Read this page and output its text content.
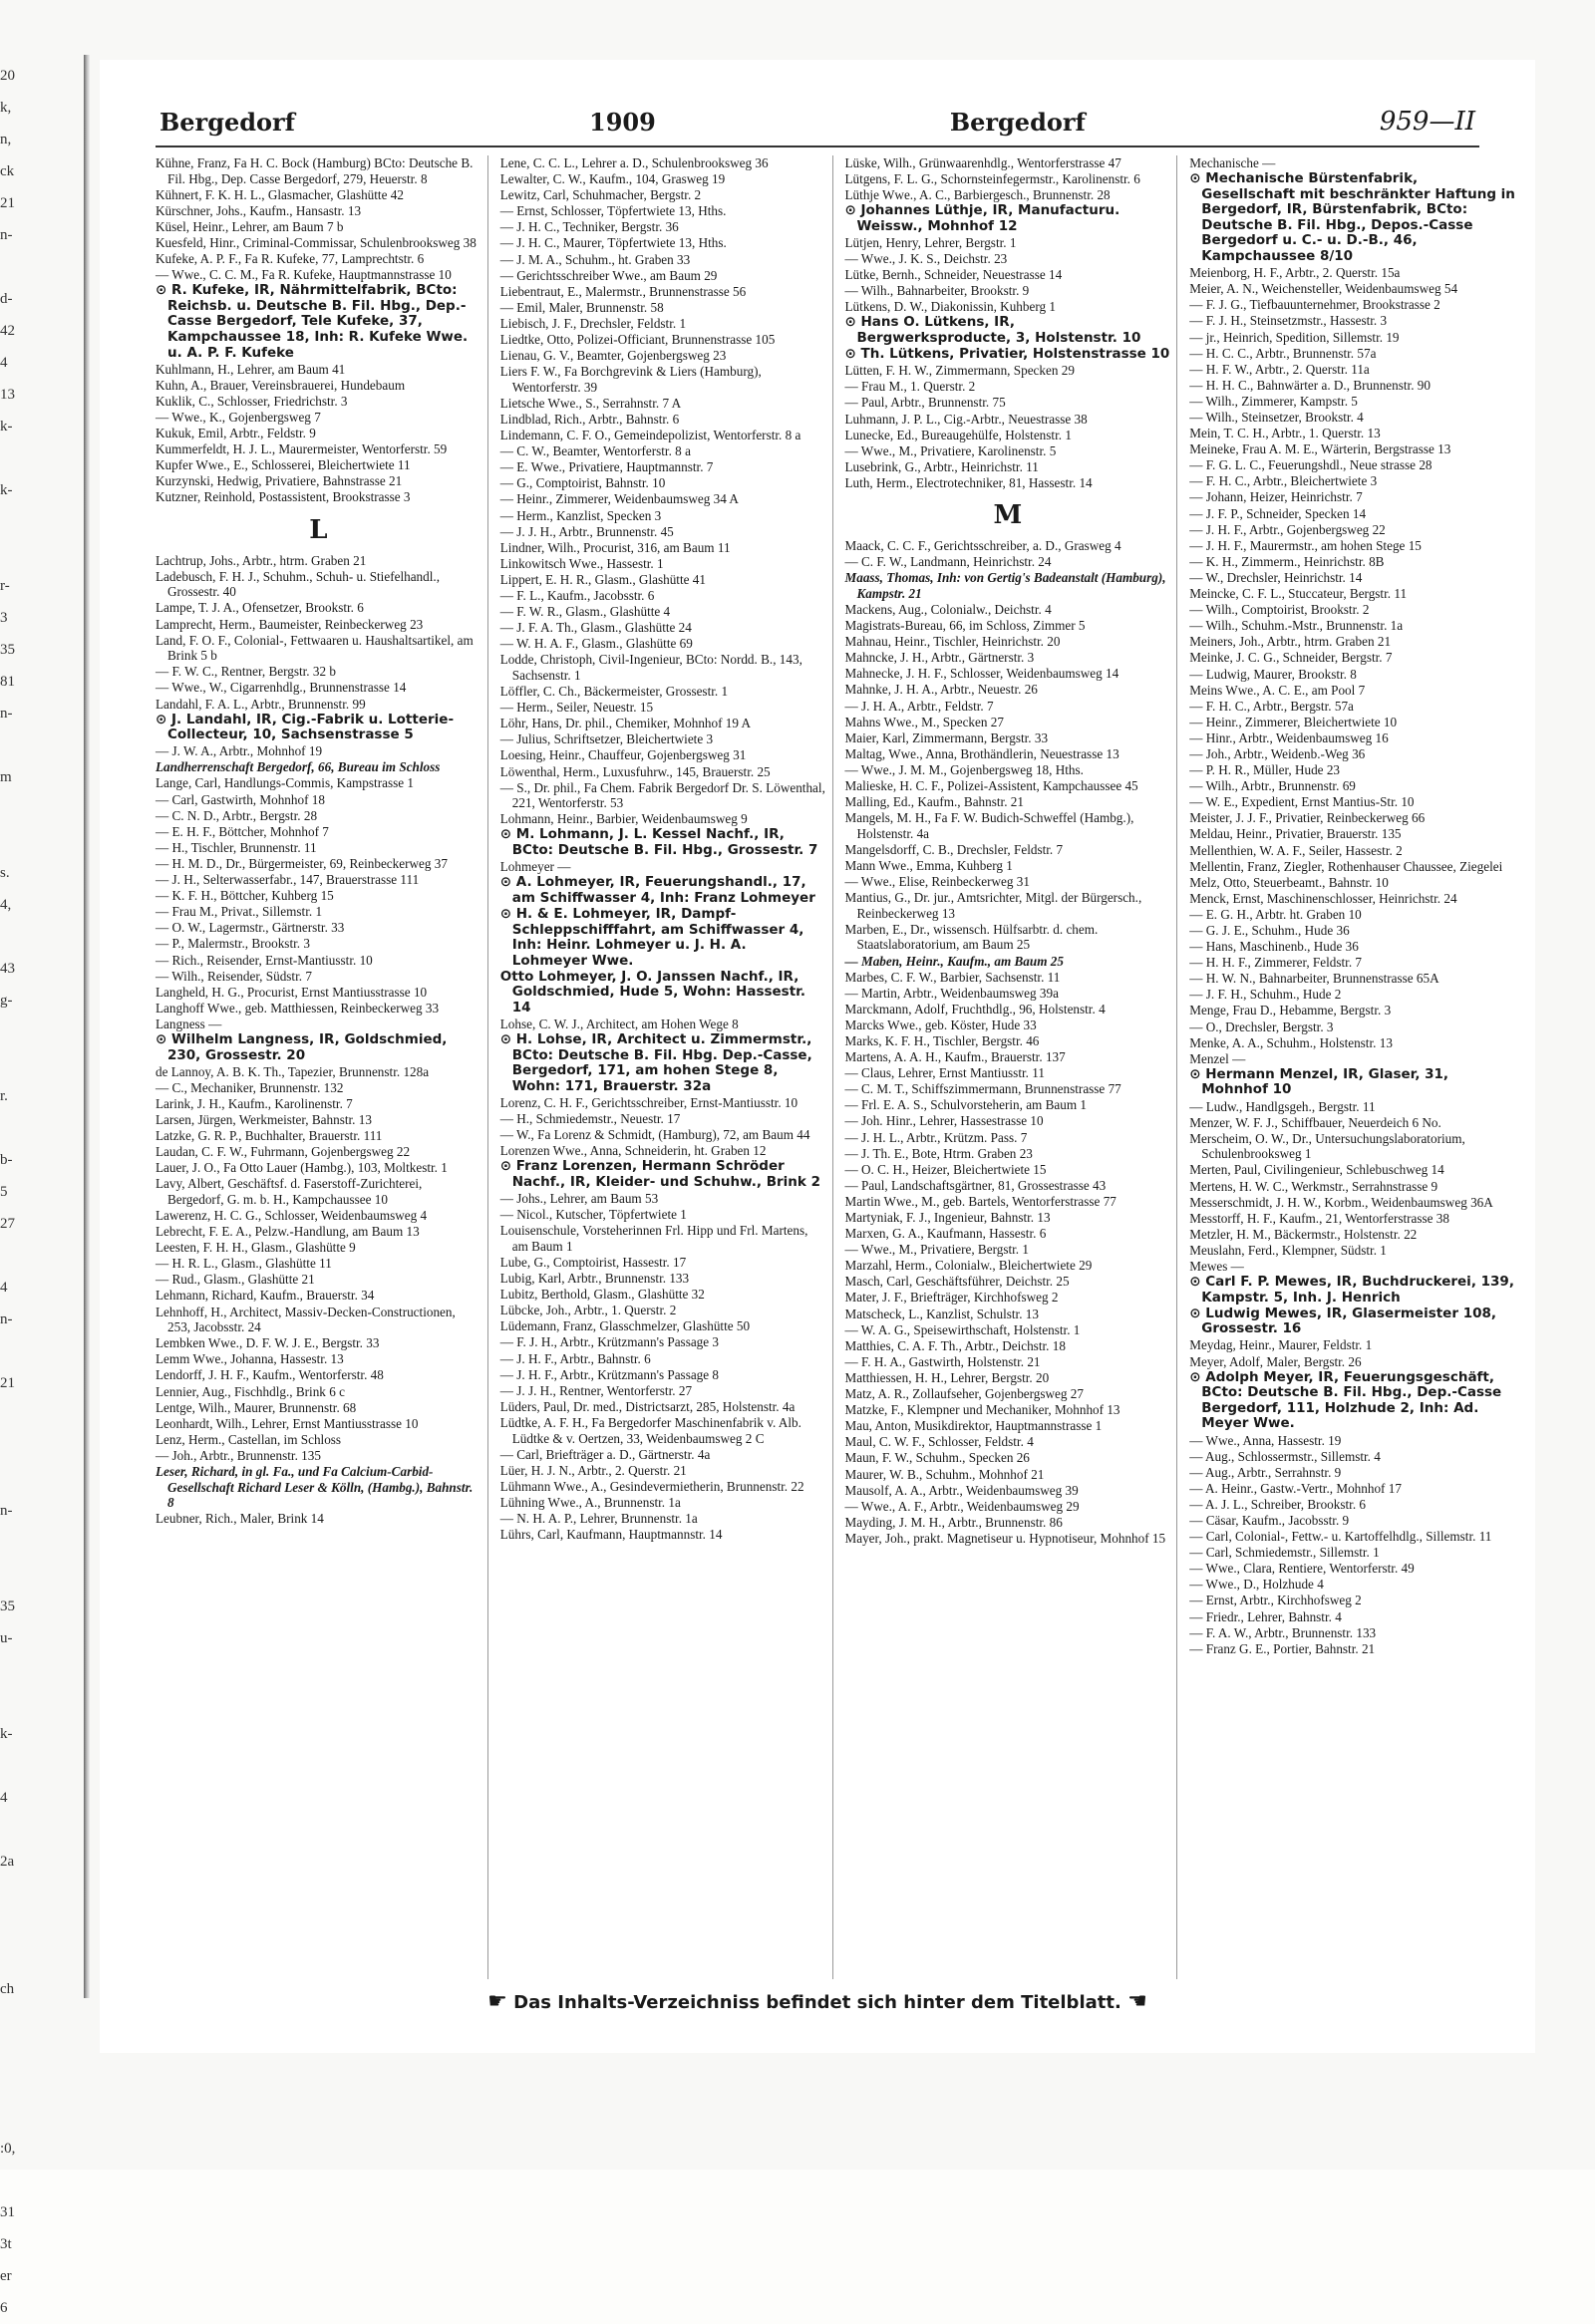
20
k,
n,
ck
21
n-

d-
42
4
13
k-

k-

r-
3
35
81
n-

m

s.
4,

43
g-

r.

b-
5
27

4
n-

21

n-

35
u-

k-

4

2a

ch

:0,

31
3t
er
6
Bergedorf	1909	Bergedorf	959—II
Kühne, Franz, Fa H. C. Bock (Hamburg) BCto: Deutsche B. Fil. Hbg., Dep. Casse Bergedorf, 279, Heuerstr. 8
Kühnert, F. K. H. L., Glasmacher, Glashütte 42
Kürschner, Johs., Kaufm., Hansastr. 13
Küsel, Heinr., Lehrer, am Baum 7 b
Kuesfeld, Hinr., Criminal-Commissar, Schulenbrooksweg 38
Kufeke, A. P. F., Fa R. Kufeke, 77, Lamprechtstr. 6
— Wwe., C. C. M., Fa R. Kufeke, Hauptmannstrasse 10
⊙ R. Kufeke, IR, Nährmittelfabrik, BCto: Reichsb. u. Deutsche B. Fil. Hbg., Dep.-Casse Bergedorf, Tele Kufeke, 37, Kampchaussee 18, Inh: R. Kufeke Wwe. u. A. P. F. Kufeke
Kuhlmann, H., Lehrer, am Baum 41
Kuhn, A., Brauer, Vereinsbrauerei, Hundebaum
Kuklik, C., Schlosser, Friedrichstr. 3
— Wwe., K., Gojenbergsweg 7
Kukuk, Emil, Arbtr., Feldstr. 9
Kummerfeldt, H. J. L., Maurermeister, Wentorferstr. 59
Kupfer Wwe., E., Schlosserei, Bleichertwiete 11
Kurzynski, Hedwig, Privatiere, Bahnstrasse 21
Kutzner, Reinhold, Postassistent, Brookstrasse 3
L
Lachtrup, Johs., Arbtr., htrm. Graben 21
Ladebusch, F. H. J., Schuhm., Schuh- u. Stiefelhandl., Grossestr. 40
Lampe, T. J. A., Ofensetzer, Brookstr. 6
Lamprecht, Herm., Baumeister, Reinbeckerweg 23
Land, F. O. F., Colonial-, Fettwaaren u. Haushaltsartikel, am Brink 5 b
— F. W. C., Rentner, Bergstr. 32 b
— Wwe., W., Cigarrenhdlg., Brunnenstrasse 14
Landahl, F. A. L., Arbtr., Brunnenstr. 99
⊙ J. Landahl, IR, Cig.-Fabrik u. Lotterie-Collecteur, 10, Sachsenstrasse 5
— J. W. A., Arbtr., Mohnhof 19
Landherrenschaft Bergedorf, 66, Bureau im Schloss
Lange, Carl, Handlungs-Commis, Kampstrasse 1
— Carl, Gastwirth, Mohnhof 18
— C. N. D., Arbtr., Bergstr. 28
— E. H. F., Böttcher, Mohnhof 7
— H., Tischler, Brunnenstr. 11
— H. M. D., Dr., Bürgermeister, 69, Reinbeckerweg 37
— J. H., Selterwasserfabr., 147, Brauerstrasse 111
— K. F. H., Böttcher, Kuhberg 15
— Frau M., Privat., Sillemstr. 1
— O. W., Lagermstr., Gärtnerstr. 33
— P., Malermstr., Brookstr. 3
— Rich., Reisender, Ernst-Mantiusstr. 10
— Wilh., Reisender, Südstr. 7
Langheld, H. G., Procurist, Ernst Mantiusstrasse 10
Langhoff Wwe., geb. Matthiessen, Reinbeckerweg 33
Langness —
⊙ Wilhelm Langness, IR, Goldschmied, 230, Grossestr. 20
de Lannoy, A. B. K. Th., Tapezier, Brunnenstr. 128a
— C., Mechaniker, Brunnenstr. 132
Larink, J. H., Kaufm., Karolinenstr. 7
Larsen, Jürgen, Werkmeister, Bahnstr. 13
Latzke, G. R. P., Buchhalter, Brauerstr. 111
Laudan, C. F. W., Fuhrmann, Gojenbergsweg 22
Lauer, J. O., Fa Otto Lauer (Hambg.), 103, Moltkestr. 1
Lavy, Albert, Geschäftsf. d. Faserstoff-Zurichterei, Bergedorf, G. m. b. H., Kampchaussee 10
Lawerenz, H. C. G., Schlosser, Weidenbaumsweg 4
Lebrecht, F. E. A., Pelzw.-Handlung, am Baum 13
Leesten, F. H. H., Glasm., Glashütte 9
— H. R. L., Glasm., Glashütte 11
— Rud., Glasm., Glashütte 21
Lehmann, Richard, Kaufm., Brauerstr. 34
Lehnhoff, H., Architect, Massiv-Decken-Constructionen, 253, Jacobsstr. 24
Lembken Wwe., D. F. W. J. E., Bergstr. 33
Lemm Wwe., Johanna, Hassestr. 13
Lendorff, J. H. F., Kaufm., Wentorferstr. 48
Lennier, Aug., Fischhdlg., Brink 6 c
Lentge, Wilh., Maurer, Brunnenstr. 68
Leonhardt, Wilh., Lehrer, Ernst Mantiusstrasse 10
Lenz, Herm., Castellan, im Schloss
— Joh., Arbtr., Brunnenstr. 135
Leser, Richard, in gl. Fa., und Fa Calcium-Carbid-Gesellschaft Richard Leser & Kölln, (Hambg.), Bahnstr. 8
Leubner, Rich., Maler, Brink 14
Lene, C. C. L., Lehrer a. D., Schulenbrooksweg 36
Lewalter, C. W., Kaufm., 104, Grasweg 19
Lewitz, Carl, Schuhmacher, Bergstr. 2
— Ernst, Schlosser, Töpfertwiete 13, Hths.
— J. H. C., Techniker, Bergstr. 36
— J. H. C., Maurer, Töpfertwiete 13, Hths.
— J. M. A., Schuhm., ht. Graben 33
— Gerichtsschreiber Wwe., am Baum 29
Liebentraut, E., Malermstr., Brunnenstrasse 56
— Emil, Maler, Brunnenstr. 58
Liebisch, J. F., Drechsler, Feldstr. 1
Liedtke, Otto, Polizei-Officiant, Brunnenstrasse 105
Lienau, G. V., Beamter, Gojenbergsweg 23
Liers F. W., Fa Borchgrevink & Liers (Hamburg), Wentorferstr. 39
Lietsche Wwe., S., Serrahnstr. 7 A
Lindblad, Rich., Arbtr., Bahnstr. 6
Lindemann, C. F. O., Gemeindepolizist, Wentorferstr. 8 a
— C. W., Beamter, Wentorferstr. 8 a
— E. Wwe., Privatiere, Hauptmannstr. 7
— G., Comptoirist, Bahnstr. 10
— Heinr., Zimmerer, Weidenbaumsweg 34 A
— Herm., Kanzlist, Specken 3
— J. J. H., Arbtr., Brunnenstr. 45
Lindner, Wilh., Procurist, 316, am Baum 11
Linkowitsch Wwe., Hassestr. 1
Lippert, E. H. R., Glasm., Glashütte 41
— F. L., Kaufm., Jacobsstr. 6
— F. W. R., Glasm., Glashütte 4
— J. F. A. Th., Glasm., Glashütte 24
— W. H. A. F., Glasm., Glashütte 69
Lodde, Christoph, Civil-Ingenieur, BCto: Nordd. B., 143, Sachsenstr. 1
Löffler, C. Ch., Bäckermeister, Grossestr. 1
— Herm., Seiler, Neuestr. 15
Löhr, Hans, Dr. phil., Chemiker, Mohnhof 19 A
— Julius, Schriftsetzer, Bleichertwiete 3
Loesing, Heinr., Chauffeur, Gojenbergsweg 31
Löwenthal, Herm., Luxusfuhrw., 145, Brauerstr. 25
— S., Dr. phil., Fa Chem. Fabrik Bergedorf Dr. S. Löwenthal, 221, Wentorferstr. 53
Lohmann, Heinr., Barbier, Weidenbaumsweg 9
⊙ M. Lohmann, J. L. Kessel Nachf., IR, BCto: Deutsche B. Fil. Hbg., Grossestr. 7
Lohmeyer —
⊙ A. Lohmeyer, IR, Feuerungshandl., 17, am Schiffwasser 4, Inh: Franz Lohmeyer
⊙ H. & E. Lohmeyer, IR, Dampf-Schleppschifffahrt, am Schiffwasser 4, Inh: Heinr. Lohmeyer u. J. H. A. Lohmeyer Wwe.
Otto Lohmeyer, J. O. Janssen Nachf., IR, Goldschmied, Hude 5, Wohn: Hassestr. 14
Lohse, C. W. J., Architect, am Hohen Wege 8
⊙ H. Lohse, IR, Architect u. Zimmermstr., BCto: Deutsche B. Fil. Hbg. Dep.-Casse, Bergedorf, 171, am hohen Stege 8, Wohn: 171, Brauerstr. 32a
Lorenz, C. H. F., Gerichtsschreiber, Ernst-Mantiusstr. 10
— H., Schmiedemstr., Neuestr. 17
— W., Fa Lorenz & Schmidt, (Hamburg), 72, am Baum 44
Lorenzen Wwe., Anna, Schneiderin, ht. Graben 12
⊙ Franz Lorenzen, Hermann Schröder Nachf., IR, Kleider- und Schuhw., Brink 2
— Johs., Lehrer, am Baum 53
— Nicol., Kutscher, Töpfertwiete 1
Louisenschule, Vorsteherinnen Frl. Hipp und Frl. Martens, am Baum 1
Lube, G., Comptoirist, Hassestr. 17
Lubig, Karl, Arbtr., Brunnenstr. 133
Lubitz, Berthold, Glasm., Glashütte 32
Lübcke, Joh., Arbtr., 1. Querstr. 2
Lüdemann, Franz, Glasschmelzer, Glashütte 50
— F. J. H., Arbtr., Krützmann's Passage 3
— J. H. F., Arbtr., Bahnstr. 6
— J. H. F., Arbtr., Krützmann's Passage 8
— J. J. H., Rentner, Wentorferstr. 27
Lüders, Paul, Dr. med., Districtsarzt, 285, Holstenstr. 4a
Lüdtke, A. F. H., Fa Bergedorfer Maschinenfabrik v. Alb. Lüdtke & v. Oertzen, 33, Weidenbaumsweg 2 C
— Carl, Briefträger a. D., Gärtnerstr. 4a
Lüer, H. J. N., Arbtr., 2. Querstr. 21
Lühmann Wwe., A., Gesindevermietherin, Brunnenstr. 22
Lühning Wwe., A., Brunnenstr. 1a
— N. H. A. P., Lehrer, Brunnenstr. 1a
Lührs, Carl, Kaufmann, Hauptmannstr. 14
Lüske, Wilh., Grünwaarenhdlg., Wentorferstrasse 47
Lütgens, F. L. G., Schornsteinfegermstr., Karolinenstr. 6
Lüthje Wwe., A. C., Barbiergesch., Brunnenstr. 28
⊙ Johannes Lüthje, IR, Manufacturu. Weissw., Mohnhof 12
Lütjen, Henry, Lehrer, Bergstr. 1
— Wwe., J. K. S., Deichstr. 23
Lütke, Bernh., Schneider, Neuestrasse 14
— Wilh., Bahnarbeiter, Brookstr. 9
Lütkens, D. W., Diakonissin, Kuhberg 1
⊙ Hans O. Lütkens, IR, Bergwerksproducte, 3, Holstenstr. 10
⊙ Th. Lütkens, Privatier, Holstenstrasse 10
Lütten, F. H. W., Zimmermann, Specken 29
— Frau M., 1. Querstr. 2
— Paul, Arbtr., Brunnenstr. 75
Luhmann, J. P. L., Cig.-Arbtr., Neuestrasse 38
Lunecke, Ed., Bureaugehülfe, Holstenstr. 1
— Wwe., M., Privatiere, Karolinenstr. 5
Lusebrink, G., Arbtr., Heinrichstr. 11
Luth, Herm., Electrotechniker, 81, Hassestr. 14
M
Maack, C. C. F., Gerichtsschreiber, a. D., Grasweg 4
— C. F. W., Landmann, Heinrichstr. 24
Maass, Thomas, Inh: von Gertig's Badeanstalt (Hamburg), Kampstr. 21
Mackens, Aug., Colonialw., Deichstr. 4
Magistrats-Bureau, 66, im Schloss, Zimmer 5
Mahnau, Heinr., Tischler, Heinrichstr. 20
Mahncke, J. H., Arbtr., Gärtnerstr. 3
Mahnecke, J. H. F., Schlosser, Weidenbaumsweg 14
Mahnke, J. H. A., Arbtr., Neuestr. 26
— J. H. A., Arbtr., Feldstr. 7
Mahns Wwe., M., Specken 27
Maier, Karl, Zimmermann, Bergstr. 33
Maltag, Wwe., Anna, Brothändlerin, Neuestrasse 13
— Wwe., J. M. M., Gojenbergsweg 18, Hths.
Malieske, H. C. F., Polizei-Assistent, Kampchaussee 45
Malling, Ed., Kaufm., Bahnstr. 21
Mangels, M. H., Fa F. W. Budich-Schweffel (Hambg.), Holstenstr. 4a
Mangelsdorff, C. B., Drechsler, Feldstr. 7
Mann Wwe., Emma, Kuhberg 1
— Wwe., Elise, Reinbeckerweg 31
Mantius, G., Dr. jur., Amtsrichter, Mitgl. der Bürgersch., Reinbeckerweg 13
Marben, E., Dr., wissensch. Hülfsarbtr. d. chem. Staatslaboratorium, am Baum 25
— Maben, Heinr., Kaufm., am Baum 25
Marbes, C. F. W., Barbier, Sachsenstr. 11
— Martin, Arbtr., Weidenbaumsweg 39a
Marckmann, Adolf, Fruchthdlg., 96, Holstenstr. 4
Marcks Wwe., geb. Köster, Hude 33
Marks, K. F. H., Tischler, Bergstr. 46
Martens, A. A. H., Kaufm., Brauerstr. 137
— Claus, Lehrer, Ernst Mantiusstr. 11
— C. M. T., Schiffszimmermann, Brunnenstrasse 77
— Frl. E. A. S., Schulvorsteherin, am Baum 1
— Joh. Hinr., Lehrer, Hassestrasse 10
— J. H. L., Arbtr., Krützm. Pass. 7
— J. Th. E., Bote, Htrm. Graben 23
— O. C. H., Heizer, Bleichertwiete 15
— Paul, Landschaftsgärtner, 81, Grossestrasse 43
Martin Wwe., M., geb. Bartels, Wentorferstrasse 77
Martyniak, F. J., Ingenieur, Bahnstr. 13
Marxen, G. A., Kaufmann, Hassestr. 6
— Wwe., M., Privatiere, Bergstr. 1
Marzahl, Herm., Colonialw., Bleichertwiete 29
Masch, Carl, Geschäftsführer, Deichstr. 25
Mater, J. F., Briefträger, Kirchhofsweg 2
Matscheck, L., Kanzlist, Schulstr. 13
— W. A. G., Speisewirthschaft, Holstenstr. 1
Matthies, C. A. F. Th., Arbtr., Deichstr. 18
— F. H. A., Gastwirth, Holstenstr. 21
Matthiessen, H. H., Lehrer, Bergstr. 20
Matz, A. R., Zollaufseher, Gojenbergsweg 27
Matzke, F., Klempner und Mechaniker, Mohnhof 13
Mau, Anton, Musikdirektor, Hauptmannstrasse 1
Maul, C. W. F., Schlosser, Feldstr. 4
Maun, F. W., Schuhm., Specken 26
Maurer, W. B., Schuhm., Mohnhof 21
Mausolf, A. A., Arbtr., Weidenbaumsweg 39
— Wwe., A. F., Arbtr., Weidenbaumsweg 29
Mayding, J. M. H., Arbtr., Brunnenstr. 86
Mayer, Joh., prakt. Magnetiseur u. Hypnotiseur, Mohnhof 15
Mechanische —
⊙ Mechanische Bürstenfabrik, Gesellschaft mit beschränkter Haftung in Bergedorf, IR, Bürstenfabrik, BCto: Deutsche B. Fil. Hbg., Depos.-Casse Bergedorf u. C.- u. D.-B., 46, Kampchaussee 8/10
Meienborg, H. F., Arbtr., 2. Querstr. 15a
Meier, A. N., Weichensteller, Weidenbaumsweg 54
— F. J. G., Tiefbauunternehmer, Brookstrasse 2
— F. J. H., Steinsetzmstr., Hassestr. 3
— jr., Heinrich, Spedition, Sillemstr. 19
— H. C. C., Arbtr., Brunnenstr. 57a
— H. F. W., Arbtr., 2. Querstr. 11a
— H. H. C., Bahnwärter a. D., Brunnenstr. 90
— Wilh., Zimmerer, Kampstr. 5
— Wilh., Steinsetzer, Brookstr. 4
Mein, T. C. H., Arbtr., 1. Querstr. 13
Meineke, Frau A. M. E., Wärterin, Bergstrasse 13
— F. G. L. C., Feuerungshdl., Neue strasse 28
— F. H. C., Arbtr., Bleichertwiete 3
— Johann, Heizer, Heinrichstr. 7
— J. F. P., Schneider, Specken 14
— J. H. F., Arbtr., Gojenbergsweg 22
— J. H. F., Maurermstr., am hohen Stege 15
— K. H., Zimmerm., Heinrichstr. 8B
— W., Drechsler, Heinrichstr. 14
Meincke, C. F. L., Stuccateur, Bergstr. 11
— Wilh., Comptoirist, Brookstr. 2
— Wilh., Schuhm.-Mstr., Brunnenstr. 1a
Meiners, Joh., Arbtr., htrm. Graben 21
Meinke, J. C. G., Schneider, Bergstr. 7
— Ludwig, Maurer, Brookstr. 8
Meins Wwe., A. C. E., am Pool 7
— F. H. C., Arbtr., Bergstr. 57a
— Heinr., Zimmerer, Bleichertwiete 10
— Hinr., Arbtr., Weidenbaumsweg 16
— Joh., Arbtr., Weidenb.-Weg 36
— P. H. R., Müller, Hude 23
— Wilh., Arbtr., Brunnenstr. 69
— W. E., Expedient, Ernst Mantius-Str. 10
Meister, J. J. F., Privatier, Reinbeckerweg 66
Meldau, Heinr., Privatier, Brauerstr. 135
Mellenthien, W. A. F., Seiler, Hassestr. 2
Mellentin, Franz, Ziegler, Rothenhauser Chaussee, Ziegelei
Melz, Otto, Steuerbeamt., Bahnstr. 10
Menck, Ernst, Maschinenschlosser, Heinrichstr. 24
— E. G. H., Arbtr. ht. Graben 10
— G. J. E., Schuhm., Hude 36
— Hans, Maschinenb., Hude 36
— H. H. F., Zimmerer, Feldstr. 7
— H. W. N., Bahnarbeiter, Brunnenstrasse 65A
— J. F. H., Schuhm., Hude 2
Menge, Frau D., Hebamme, Bergstr. 3
— O., Drechsler, Bergstr. 3
Menke, A. A., Schuhm., Holstenstr. 13
Menzel —
⊙ Hermann Menzel, IR, Glaser, 31, Mohnhof 10
— Ludw., Handlgsgeh., Bergstr. 11
Menzer, W. F. J., Schiffbauer, Neuerdeich 6 No.
Merscheim, O. W., Dr., Untersuchungslaboratorium, Schulenbrooksweg 1
Merten, Paul, Civilingenieur, Schlebuschweg 14
Mertens, H. W. C., Werkmstr., Serrahnstrasse 9
Messerschmidt, J. H. W., Korbm., Weidenbaumsweg 36A
Messtorff, H. F., Kaufm., 21, Wentorferstrasse 38
Metzler, H. M., Bäckermstr., Holstenstr. 22
Meuslahn, Ferd., Klempner, Südstr. 1
Mewes —
⊙ Carl F. P. Mewes, IR, Buchdruckerei, 139, Kampstr. 5, Inh. J. Henrich
⊙ Ludwig Mewes, IR, Glasermeister 108, Grossestr. 16
Meydag, Heinr., Maurer, Feldstr. 1
Meyer, Adolf, Maler, Bergstr. 26
⊙ Adolph Meyer, IR, Feuerungsgeschäft, BCto: Deutsche B. Fil. Hbg., Dep.-Casse Bergedorf, 111, Holzhude 2, Inh: Ad. Meyer Wwe.
— Wwe., Anna, Hassestr. 19
— Aug., Schlossermstr., Sillemstr. 4
— Aug., Arbtr., Serrahnstr. 9
— A. Heinr., Gastw.-Vertr., Mohnhof 17
— A. J. L., Schreiber, Brookstr. 6
— Cäsar, Kaufm., Jacobsstr. 9
— Carl, Colonial-, Fettw.- u. Kartoffelhdlg., Sillemstr. 11
— Carl, Schmiedemstr., Sillemstr. 1
— Wwe., Clara, Rentiere, Wentorferstr. 49
— Wwe., D., Holzhude 4
— Ernst, Arbtr., Kirchhofsweg 2
— Friedr., Lehrer, Bahnstr. 4
— F. A. W., Arbtr., Brunnenstr. 133
— Franz G. E., Portier, Bahnstr. 21
☛ Das Inhalts-Verzeichniss befindet sich hinter dem Titelblatt. ☚
